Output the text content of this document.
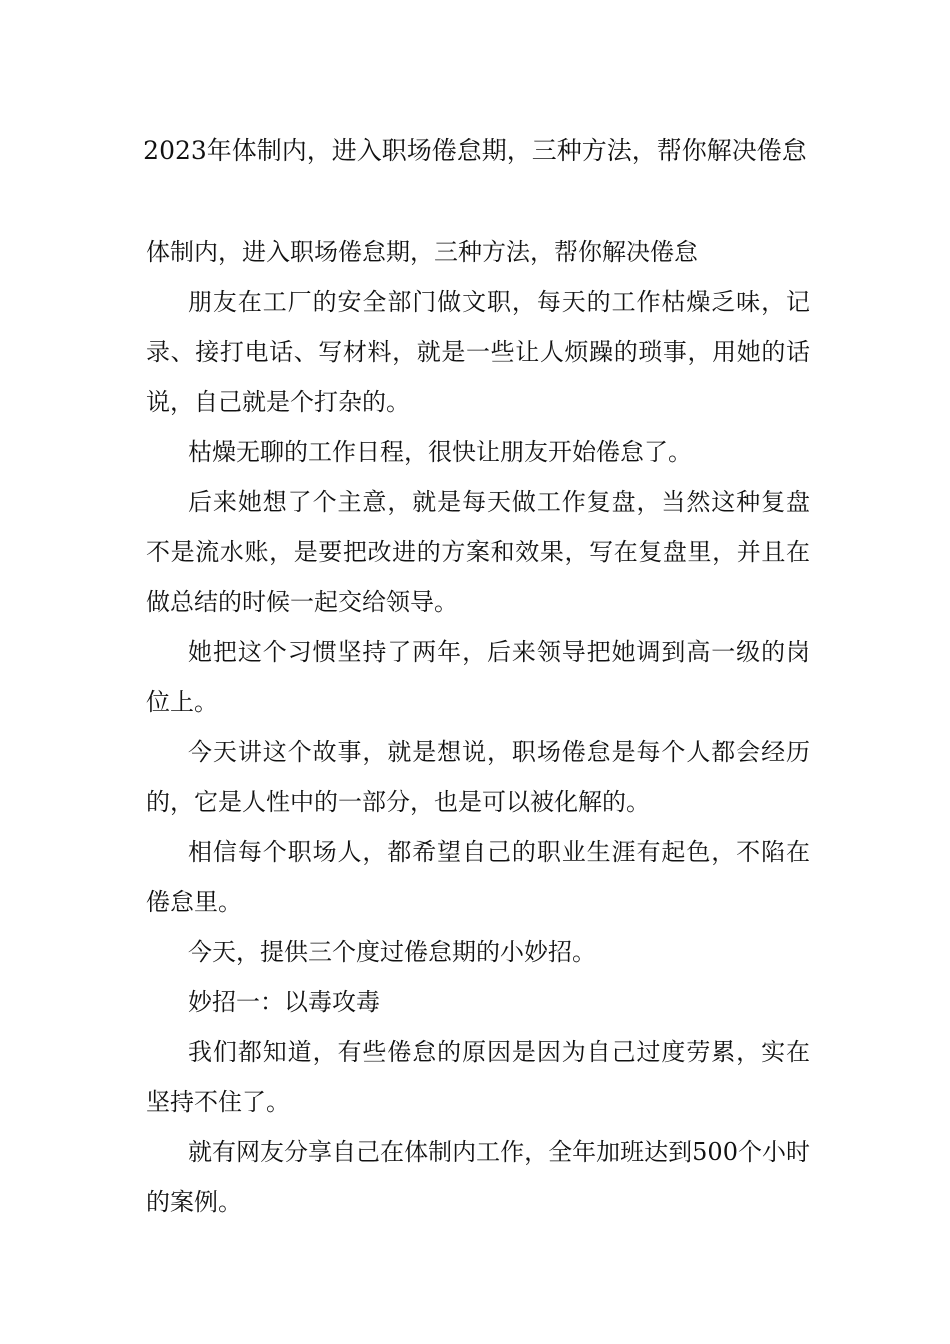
2023年体制内，进入职场倦怠期，三种方法，帮你解决倦怠

体制内，进入职场倦怠期，三种方法，帮你解决倦怠

朋友在工厂的安全部门做文职，每天的工作枯燥乏味，记录、接打电话、写材料，就是一些让人烦躁的琐事，用她的话说，自己就是个打杂的。

枯燥无聊的工作日程，很快让朋友开始倦怠了。

后来她想了个主意，就是每天做工作复盘，当然这种复盘不是流水账，是要把改进的方案和效果，写在复盘里，并且在做总结的时候一起交给领导。

她把这个习惯坚持了两年，后来领导把她调到高一级的岗位上。

今天讲这个故事，就是想说，职场倦怠是每个人都会经历的，它是人性中的一部分，也是可以被化解的。

相信每个职场人，都希望自己的职业生涯有起色，不陷在倦怠里。

今天，提供三个度过倦怠期的小妙招。

妙招一：以毒攻毒

我们都知道，有些倦怠的原因是因为自己过度劳累，实在坚持不住了。

就有网友分享自己在体制内工作，全年加班达到500个小时的案例。
